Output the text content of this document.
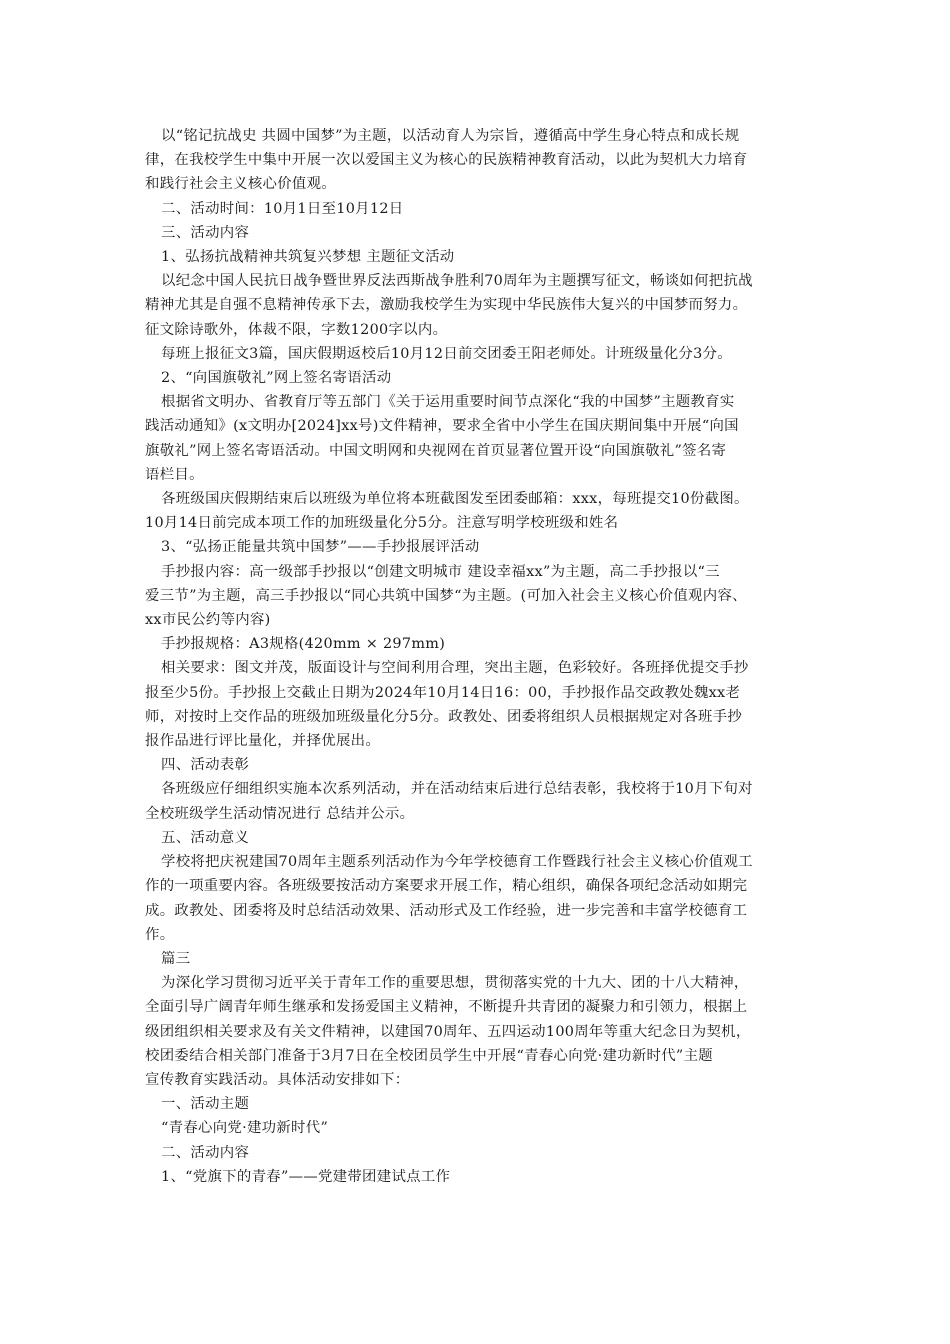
以“铭记抗战史 共圆中国梦”为主题，以活动育人为宗旨，遵循高中学生身心特点和成长规

律，在我校学生中集中开展一次以爱国主义为核心的民族精神教育活动，以此为契机大力培育

和践行社会主义核心价值观。

二、活动时间：10月1日至10月12日

三、活动内容

1、弘扬抗战精神共筑复兴梦想 主题征文活动

以纪念中国人民抗日战争暨世界反法西斯战争胜利70周年为主题撰写征文，畅谈如何把抗战

精神尤其是自强不息精神传承下去，激励我校学生为实现中华民族伟大复兴的中国梦而努力。

征文除诗歌外，体裁不限，字数1200字以内。

每班上报征文3篇，国庆假期返校后10月12日前交团委王阳老师处。计班级量化分3分。

2、“向国旗敬礼”网上签名寄语活动

根据省文明办、省教育厅等五部门《关于运用重要时间节点深化“我的中国梦”主题教育实

践活动通知》(x文明办[2024]xx号)文件精神，要求全省中小学生在国庆期间集中开展“向国

旗敬礼”网上签名寄语活动。中国文明网和央视网在首页显著位置开设“向国旗敬礼”签名寄

语栏目。

各班级国庆假期结束后以班级为单位将本班截图发至团委邮箱：xxx，每班提交10份截图。

10月14日前完成本项工作的加班级量化分5分。注意写明学校班级和姓名

3、“弘扬正能量共筑中国梦”——手抄报展评活动

手抄报内容：高一级部手抄报以“创建文明城市 建设幸福xx”为主题，高二手抄报以“三

爱三节”为主题，高三手抄报以“同心共筑中国梦“为主题。(可加入社会主义核心价值观内容、

xx市民公约等内容)

手抄报规格：A3规格(420mm × 297mm)

相关要求：图文并茂，版面设计与空间利用合理，突出主题，色彩较好。各班择优提交手抄

报至少5份。手抄报上交截止日期为2024年10月14日16：00，手抄报作品交政教处魏xx老

师，对按时上交作品的班级加班级量化分5分。政教处、团委将组织人员根据规定对各班手抄

报作品进行评比量化，并择优展出。

四、活动表彰

各班级应仔细组织实施本次系列活动，并在活动结束后进行总结表彰，我校将于10月下旬对

全校班级学生活动情况进行 总结并公示。

五、活动意义

学校将把庆祝建国70周年主题系列活动作为今年学校德育工作暨践行社会主义核心价值观工

作的一项重要内容。各班级要按活动方案要求开展工作，精心组织，确保各项纪念活动如期完

成。政教处、团委将及时总结活动效果、活动形式及工作经验，进一步完善和丰富学校德育工

作。

篇三

为深化学习贯彻习近平关于青年工作的重要思想，贯彻落实党的十九大、团的十八大精神，

全面引导广阔青年师生继承和发扬爱国主义精神，不断提升共青团的凝聚力和引领力，根据上

级团组织相关要求及有关文件精神，以建国70周年、五四运动100周年等重大纪念日为契机，

校团委结合相关部门准备于3月7日在全校团员学生中开展“青春心向党·建功新时代”主题

宣传教育实践活动。具体活动安排如下：

一、活动主题

“青春心向党·建功新时代”

二、活动内容

1、“党旗下的青春”——党建带团建试点工作
